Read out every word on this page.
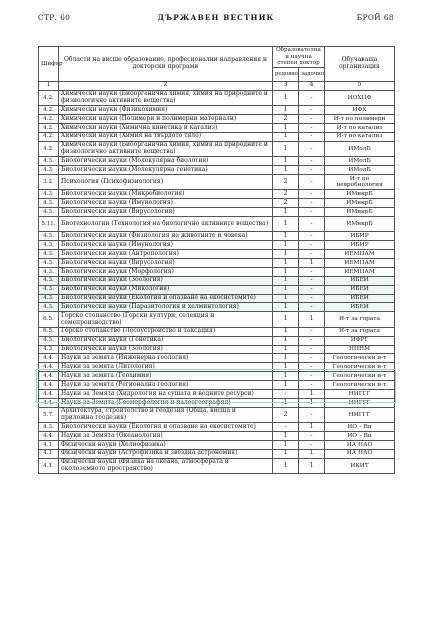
СТР. 60	ДЪРЖАВЕН ВЕСТНИК	БРОЙ 68
Шифър	Области на висше образование, професионални направления и докторски програми	Образователна и научна степен доктор		Обучаваща организация
		редовно	задочно	
1	2	3	4	5
4.2.	Химически науки (Биоорганична химия, химия на природните и физиологично активните вещества)	1	-	ИОХЦФ
4.2.	Химически науки (Физикохимия)	1	-	ИФХ
4.2.	Химически науки (Полимери и полимерни материали)	2	-	И-т по полимери
4.2.	Химически науки (Химична кинетика и катализ)	1	-	И-т по катализ
4.2.	Химически науки (Химия на твърдото тяло)	1	-	И-т по катализ
4.2.	Химически науки (Биоорганична химия, химия на природните и физиологично активните вещества)	1	-	ИМолБ
4.3.	Биологически науки (Молекулярна биология)	1	-	ИМолБ
4.3.	Биологически науки (Молекулярна генетика)	1	-	ИМолБ
3.2.	Психология (Психофизиология)	2	-	И-т по невробиология
4.3.	Биологически науки (Микробиология)	2	-	ИМикрБ
4.3.	Биологически науки (Имунология)	2	-	ИМикрБ
4.3.	Биологически науки (Вирусология)	1	-	ИМикрБ
5.11.	Биотехнологии (Технология на биологично активните вещества)	1	-	ИМикрБ
4.3.	Биологически науки (Физиология на животните и човека)	1	-	ИБИР
4.3.	Биологически науки (Имунология)	1	-	ИБИР
4.3.	Биологически науки (Антропология)	1	-	ИЕМПАМ
4.3.	Биологически науки (Вирусология)	1	1	ИЕМПАМ
4.3.	Биологически науки (Морфология)	1	-	ИЕМПАМ
4.3.	Биологически науки (Зоология)	1	-	ИБЕИ
4.3.	Биологически науки (Микология)	1	-	ИБЕИ
4.3.	Биологически науки (Екология и опазване на екосистемите)	1	-	ИБЕИ
4.3.	Биологически науки (Паразитология и хелминтология)	1	-	ИБЕИ
6.5.	Горско стопанство (Горски култури, селекция и семепроизводство)	1	1	И-т за гората
6.5.	Горско стопанство (Лесоустройство и таксация)	1	-	И-т за гората
4.3.	Биологически науки (Генетика)	1	-	ИФРГ
4.3.	Биологически науки (Зоология)	1	-	НПНМ
4.4.	Науки за земята (Инженерна геология)	1	-	Геологически и-т
4.4.	Науки за земята (Литология)	1	-	Геологически и-т
4.4.	Науки за земята (Геохимия)	1	-	Геологически и-т
4.4.	Науки за земята (Регионална геология)	1	-	Геологически и-т
4.4.	Науки за Земята (Хидрология на сушата и водните ресурси)	-	1	НИГГГ
4.4.	Науки за Земята (Геоморфология и палеогеография)	1	1	НИГГГ
5.7.	Архитектура, строителство и геодезия (Обща, висша и приложна геодезия)	2	-	НИГГГ
4.3.	Биологически науки (Екология и опазване на екосистемите)	-	1	ИО – Вн
4.4.	Науки за Земята (Океанология)	1	-	ИО – Вн
4.1.	Физически науки (Хелиофизика)	1	-	ИА НАО
4.1.	Физически науки (Астрофизика и звездна астрономия)	1	1	ИА НАО
4.1.	Физически науки (Физика на океана, атмосферата и околоземното пространство)	1	1	ИКИТ
